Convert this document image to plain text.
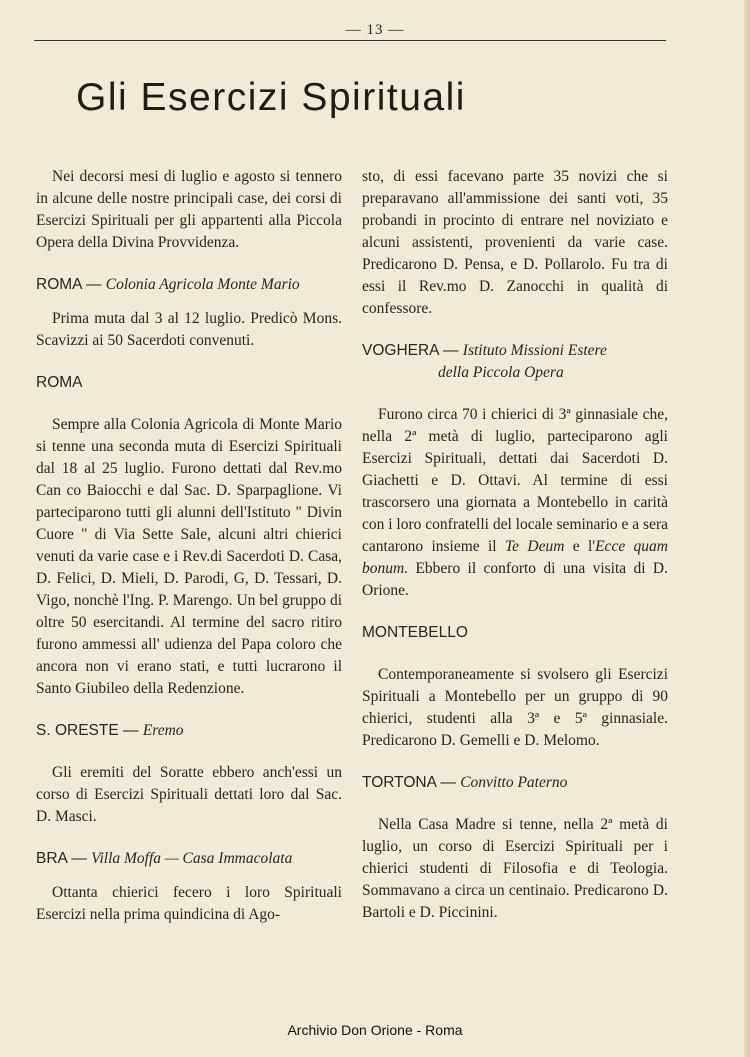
— 13 —
Gli Esercizi Spirituali

Nei decorsi mesi di luglio e agosto si tennero in alcune delle nostre principali case, dei corsi di Esercizi Spirituali per gli appartenti alla Piccola Opera della Divina Provvidenza.

ROMA — Colonia Agricola Monte Mario

Prima muta dal 3 al 12 luglio. Predicò Mons. Scavizzi ai 50 Sacerdoti convenuti.

ROMA

Sempre alla Colonia Agricola di Monte Mario si tenne una seconda muta di Esercizi Spirituali dal 18 al 25 luglio. Furono dettati dal Rev.mo Can co Baiocchi e dal Sac. D. Sparpaglione. Vi parteciparono tutti gli alunni dell'Istituto " Divin Cuore " di Via Sette Sale, alcuni altri chierici venuti da varie case e i Rev.di Sacerdoti D. Casa, D. Felici, D. Mieli, D. Parodi, G, D. Tessari, D. Vigo, nonchè l'Ing. P. Marengo. Un bel gruppo di oltre 50 esercitandi. Al termine del sacro ritiro furono ammessi all' udienza del Papa coloro che ancora non vi erano stati, e tutti lucrarono il Santo Giubileo della Redenzione.

S. ORESTE — Eremo

Gli eremiti del Soratte ebbero anch'essi un corso di Esercizi Spirituali dettati loro dal Sac. D. Masci.

BRA — Villa Moffa — Casa Immacolata

Ottanta chierici fecero i loro Spirituali Esercizi nella prima quindicina di Ago-

sto, di essi facevano parte 35 novizi che si preparavano all'ammissione dei santi voti, 35 probandi in procinto di entrare nel noviziato e alcuni assistenti, provenienti da varie case. Predicarono D. Pensa, e D. Pollarolo. Fu tra di essi il Rev.mo D. Zanocchi in qualità di confessore.

VOGHERA — Istituto Missioni Estere
della Piccola Opera

Furono circa 70 i chierici di 3ª ginnasiale che, nella 2ª metà di luglio, parteciparono agli Esercizi Spirituali, dettati dai Sacerdoti D. Giachetti e D. Ottavi. Al termine di essi trascorsero una giornata a Montebello in carità con i loro confratelli del locale seminario e a sera cantarono insieme il Te Deum e l'Ecce quam bonum. Ebbero il conforto di una visita di D. Orione.

MONTEBELLO

Contemporaneamente si svolsero gli Esercizi Spirituali a Montebello per un gruppo di 90 chierici, studenti alla 3ª e 5ª ginnasiale. Predicarono D. Gemelli e D. Melomo.

TORTONA — Convitto Paterno

Nella Casa Madre si tenne, nella 2ª metà di luglio, un corso di Esercizi Spirituali per i chierici studenti di Filosofia e di Teologia. Sommavano a circa un centinaio. Predicarono D. Bartoli e D. Piccinini.

Archivio Don Orione - Roma
